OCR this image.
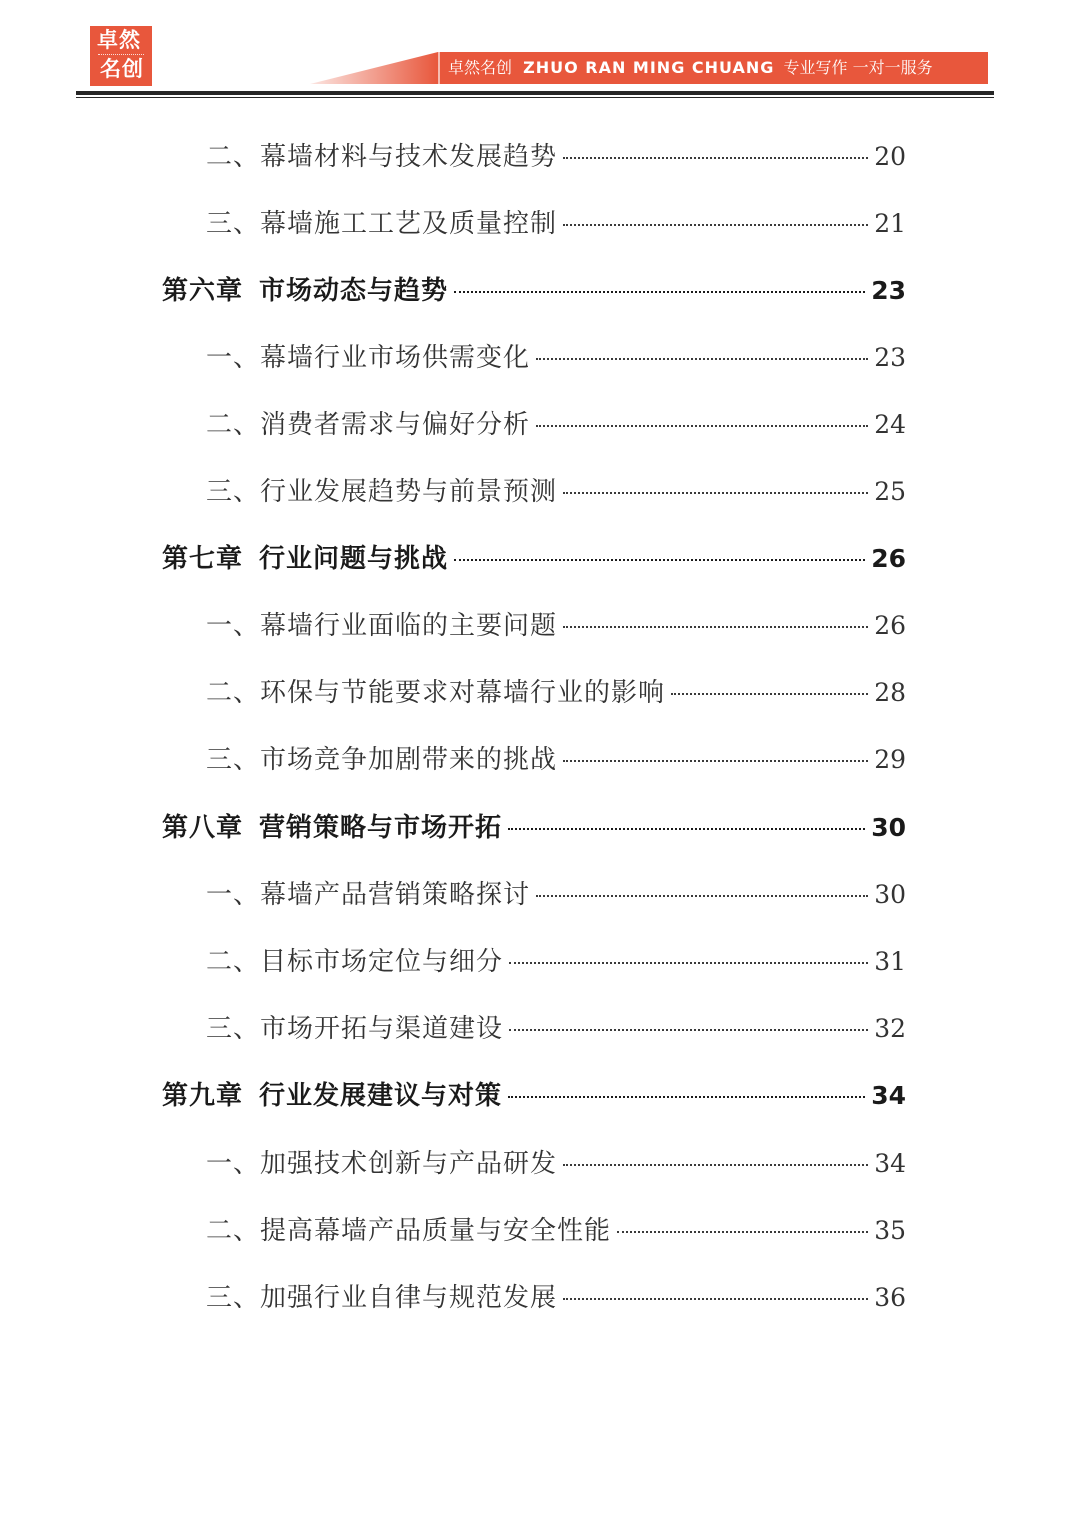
卓然
名创	卓然名创 ZHUO RAN MING CHUANG 专业写作 一对一服务
二、幕墙材料与技术发展趋势	20
三、幕墙施工工艺及质量控制	21
第六章 市场动态与趋势	23
一、幕墙行业市场供需变化	23
二、消费者需求与偏好分析	24
三、行业发展趋势与前景预测	25
第七章 行业问题与挑战	26
一、幕墙行业面临的主要问题	26
二、环保与节能要求对幕墙行业的影响	28
三、市场竞争加剧带来的挑战	29
第八章 营销策略与市场开拓	30
一、幕墙产品营销策略探讨	30
二、目标市场定位与细分	31
三、市场开拓与渠道建设	32
第九章 行业发展建议与对策	34
一、加强技术创新与产品研发	34
二、提高幕墙产品质量与安全性能	35
三、加强行业自律与规范发展	36
